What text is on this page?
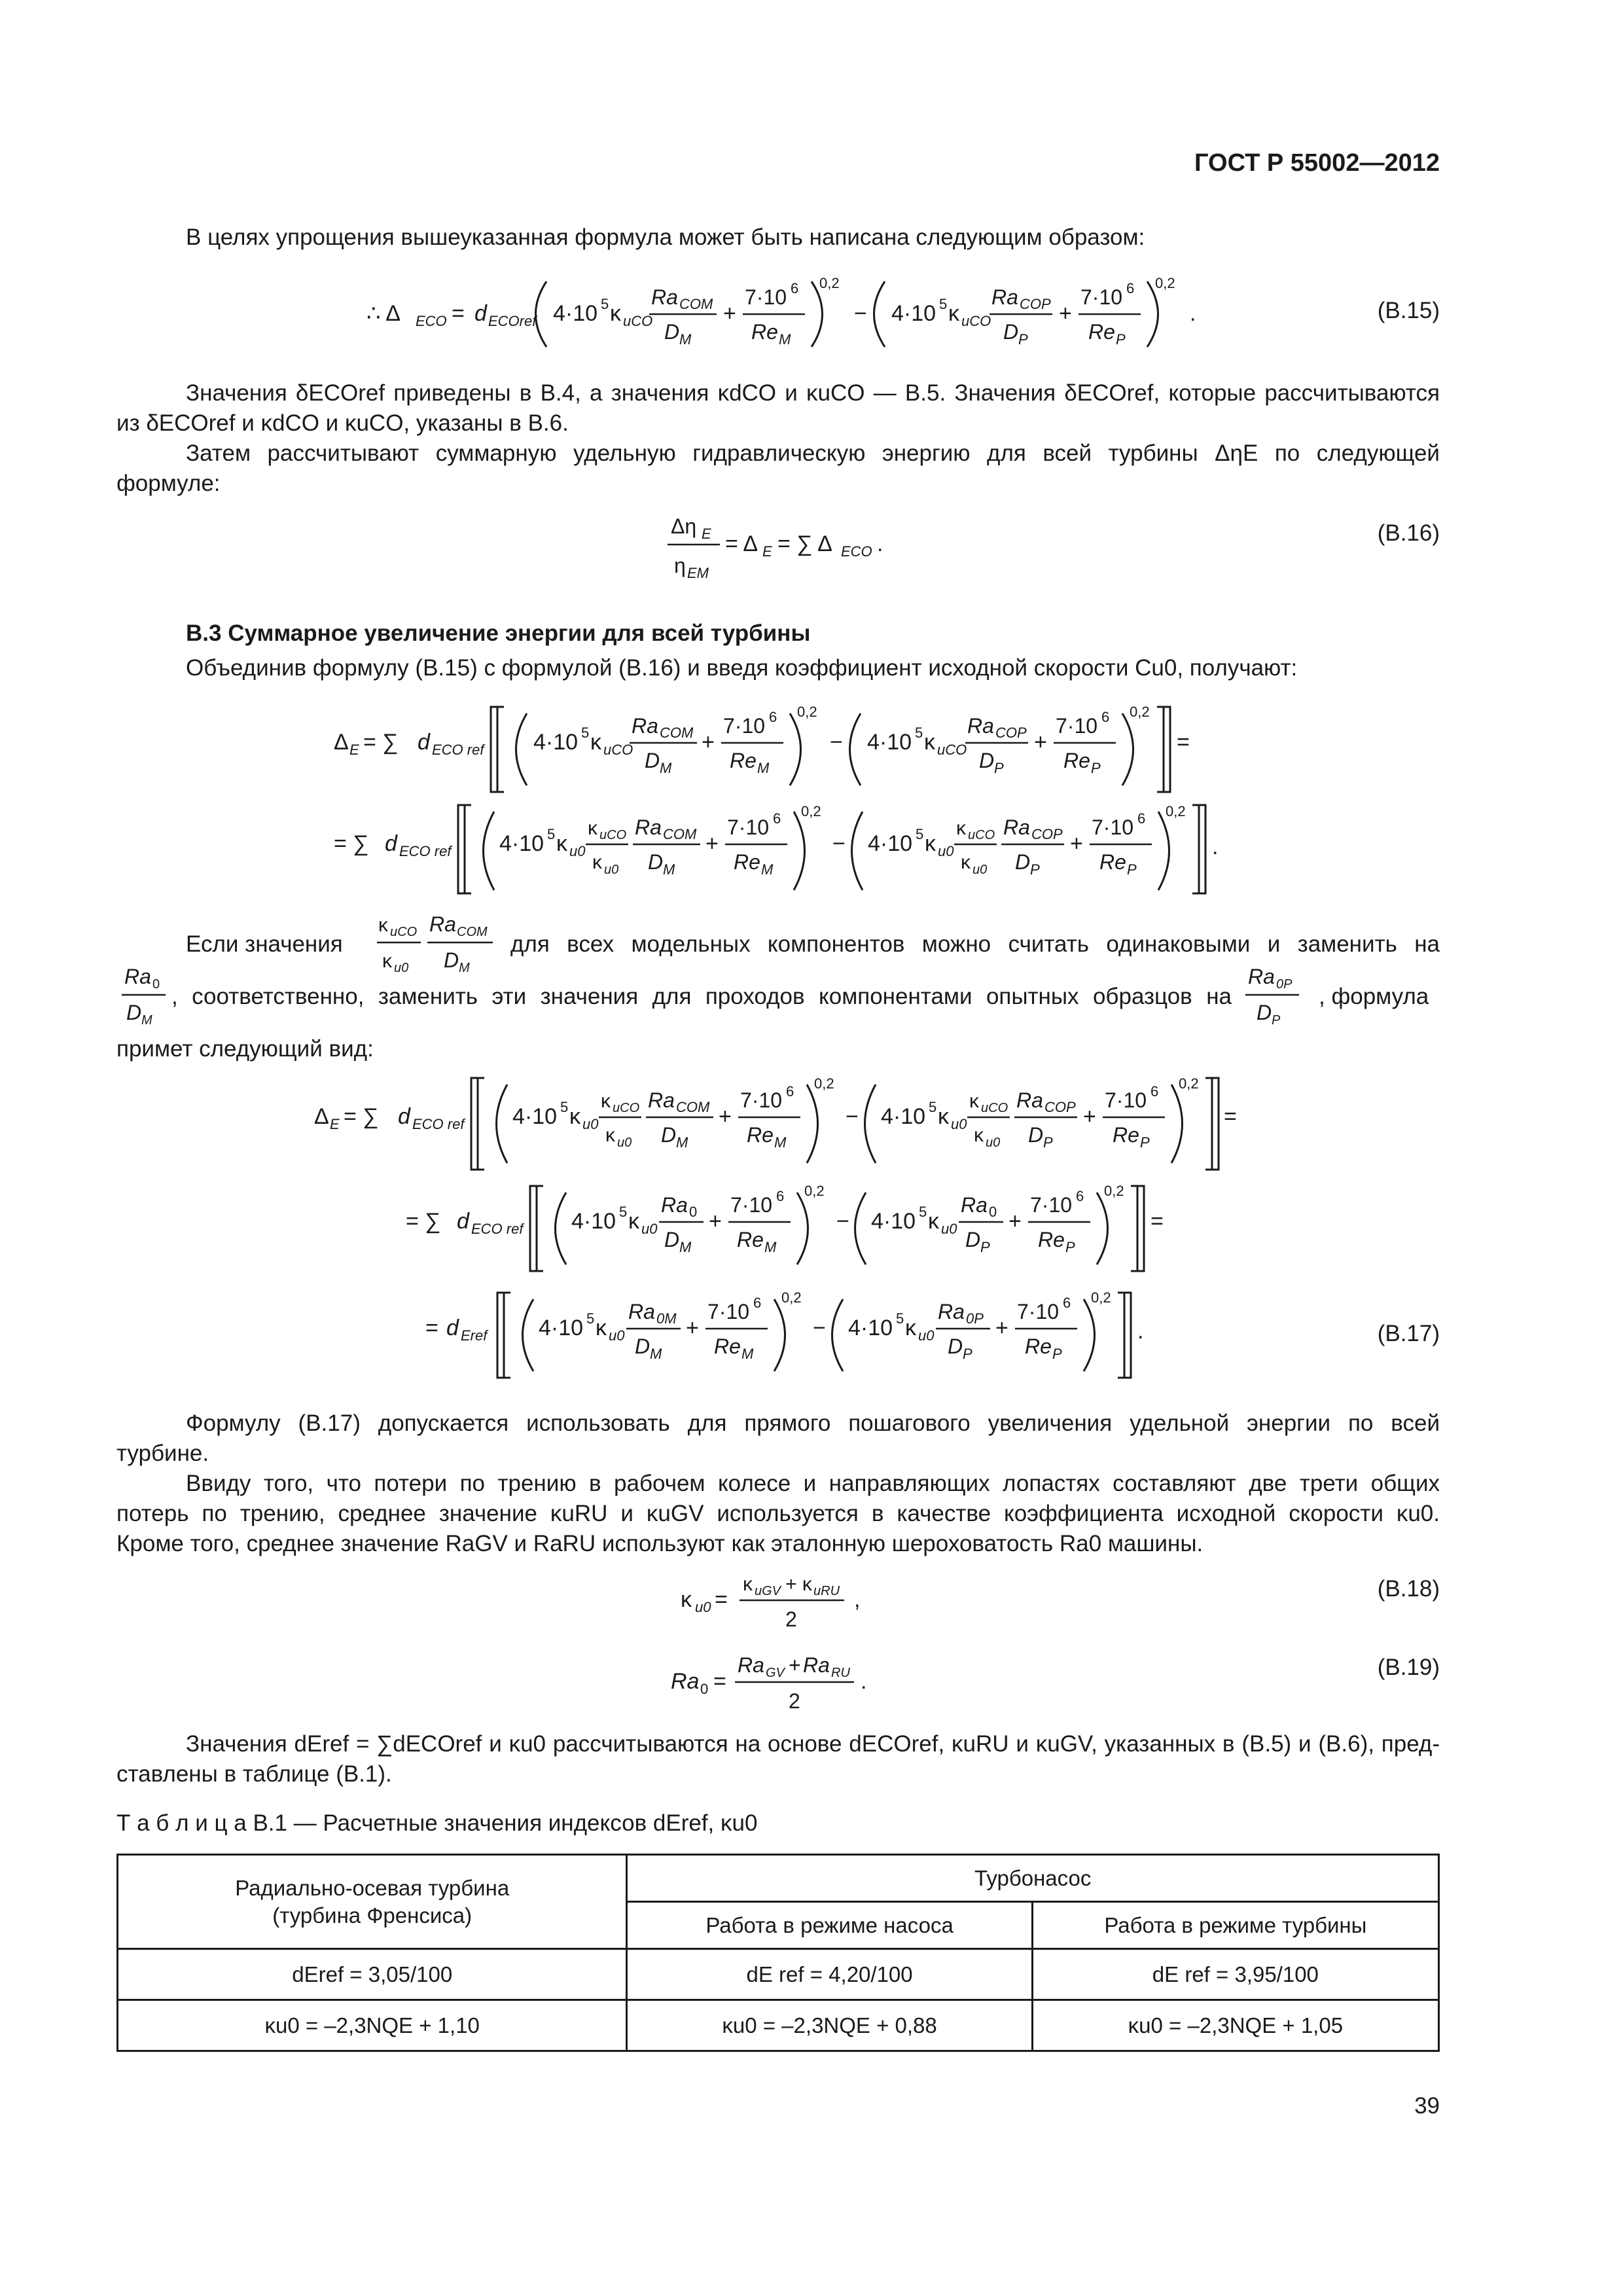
ГОСТ Р 55002—2012
В целях упрощения вышеуказанная формула может быть написана следующим образом:
∴ Δ ECO = d ECOref 4·10 5 κ uCO
Ra COM
D M
+
7·10 6
Re M
0,2
− 4·10 5 κ uCO
Ra COP
D P
+
7·10 6
Re P
0,2
.	(В.15)
Значения δECOref приведены в В.4, а значения κdCO и κuCO — В.5. Значения δECOref, которые рассчитываются
из δECOref и κdCO и κuCO, указаны в В.6.
Затем рассчитывают суммарную удельную гидравлическую энергию для всей турбины ΔηE по следующей
формуле:
Δη E
η EM
= Δ E = ∑ Δ ECO .	(В.16)
В.3 Суммарное увеличение энергии для всей турбины
Объединив формулу (В.15) с формулой (В.16) и введя коэффициент исходной скорости Cu0, получают:
Δ E = ∑ d ECO ref 4·10 5 κ uCO
Ra COM
D M
+
7·10 6
Re M
0,2
− 4·10 5 κ uCO
Ra COP
D P
+
7·10 6
Re P
0,2
=
= ∑ d ECO ref 4·10 5 κ u0
κ uCO
κ u0
Ra COM
D M
+
7·10 6
Re M
0,2
− 4·10 5 κ u0
κ uCO
κ u0
Ra COP
D P
+
7·10 6
Re P
0,2
.
Если значения
κ uCO
κ u0
Ra COM
D M
для всех модельных компонентов можно считать одинаковыми и заменить на
Ra 0
D M
, соответственно, заменить эти значения для проходов компонентами опытных образцов на
Ra 0P
D P
, формула
примет следующий вид:
Δ E = ∑ d ECO ref 4·10 5 κ u0
κ uCO
κ u0
Ra COM
D M
+
7·10 6
Re M
0,2
− 4·10 5 κ u0
κ uCO
κ u0
Ra COP
D P
+
7·10 6
Re P
0,2
=
= ∑ d ECO ref 4·10 5 κ u0
Ra 0
D M
+
7·10 6
Re M
0,2
− 4·10 5 κ u0
Ra 0
D P
+
7·10 6
Re P
0,2
=
= d Eref 4·10 5 κ u0
Ra 0M
D M
+
7·10 6
Re M
0,2
− 4·10 5 κ u0
Ra 0P
D P
+
7·10 6
Re P
0,2
.	(В.17)
Формулу (В.17) допускается использовать для прямого пошагового увеличения удельной энергии по всей
турбине.
Ввиду того, что потери по трению в рабочем колесе и направляющих лопастях составляют две трети общих
потерь по трению, среднее значение κuRU и κuGV используется в качестве коэффициента исходной скорости κu0.
Кроме того, среднее значение RaGV и RaRU используют как эталонную шероховатость Ra0 машины.
κ u0 =
κ uGV + κ uRU
2
,	(В.18)
Ra 0 =
Ra GV + Ra RU
2
.
(В.19)
Значения dEref = ∑dECOref и κu0 рассчитываются на основе dECOref, κuRU и κuGV, указанных в (В.5) и (В.6), пред-
ставлены в таблице (В.1).
Т а б л и ц а В.1 — Расчетные значения индексов dEref, κu0
Радиально-осевая турбина
(турбина Френсиса)	Турбонасос	
	Работа в режиме насоса	Работа в режиме турбины
dEref = 3,05/100	dE ref = 4,20/100	dE ref = 3,95/100
κu0 = –2,3NQE + 1,10	κu0 = –2,3NQE + 0,88	κu0 = –2,3NQE + 1,05
39
